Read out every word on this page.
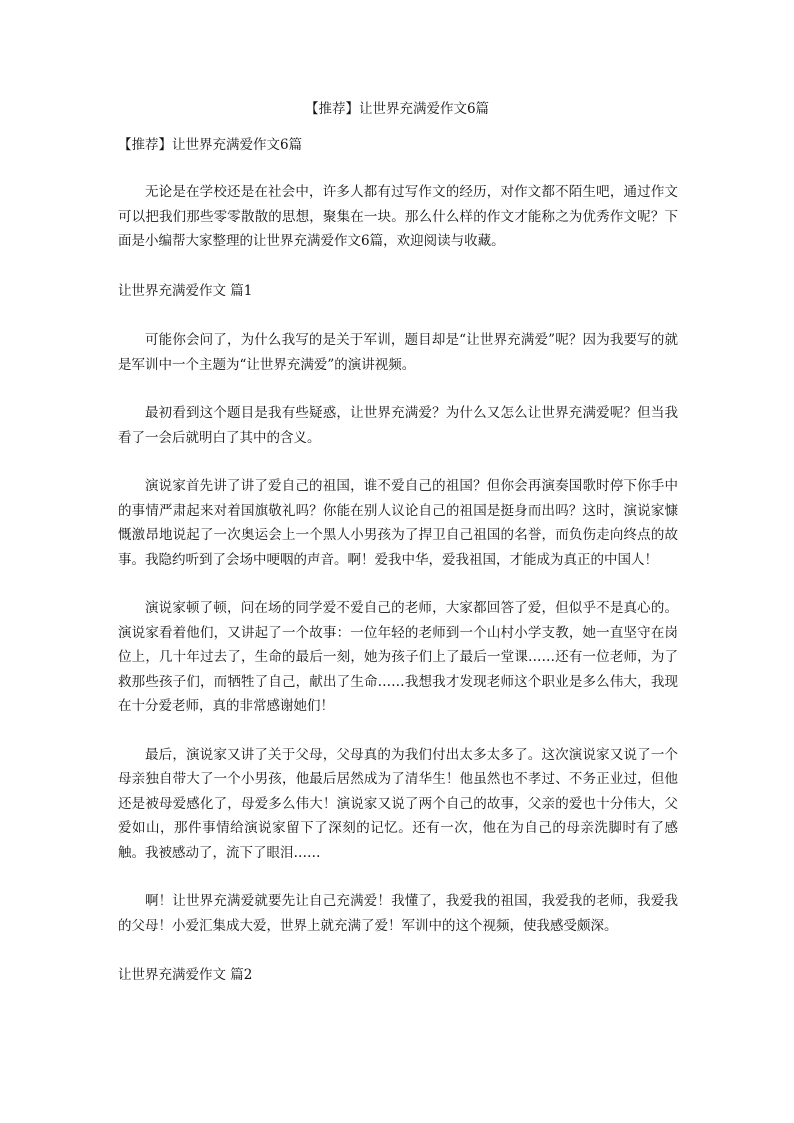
【推荐】让世界充满爱作文6篇
【推荐】让世界充满爱作文6篇

无论是在学校还是在社会中，许多人都有过写作文的经历，对作文都不陌生吧，通过作文可以把我们那些零零散散的思想，聚集在一块。那么什么样的作文才能称之为优秀作文呢？下面是小编帮大家整理的让世界充满爱作文6篇，欢迎阅读与收藏。

让世界充满爱作文 篇1

可能你会问了，为什么我写的是关于军训，题目却是“让世界充满爱”呢？因为我要写的就是军训中一个主题为“让世界充满爱”的演讲视频。

最初看到这个题目是我有些疑惑，让世界充满爱？为什么又怎么让世界充满爱呢？但当我看了一会后就明白了其中的含义。

演说家首先讲了讲了爱自己的祖国，谁不爱自己的祖国？但你会再演奏国歌时停下你手中的事情严肃起来对着国旗敬礼吗？你能在别人议论自己的祖国是挺身而出吗？这时，演说家慷慨激昂地说起了一次奥运会上一个黑人小男孩为了捍卫自己祖国的名誉，而负伤走向终点的故事。我隐约听到了会场中哽咽的声音。啊！爱我中华，爱我祖国，才能成为真正的中国人！

演说家顿了顿，问在场的同学爱不爱自己的老师，大家都回答了爱，但似乎不是真心的。演说家看着他们，又讲起了一个故事：一位年轻的老师到一个山村小学支教，她一直坚守在岗位上，几十年过去了，生命的最后一刻，她为孩子们上了最后一堂课……还有一位老师，为了救那些孩子们，而牺牲了自己，献出了生命……我想我才发现老师这个职业是多么伟大，我现在十分爱老师，真的非常感谢她们！

最后，演说家又讲了关于父母，父母真的为我们付出太多太多了。这次演说家又说了一个母亲独自带大了一个小男孩，他最后居然成为了清华生！他虽然也不孝过、不务正业过，但他还是被母爱感化了，母爱多么伟大！演说家又说了两个自己的故事，父亲的爱也十分伟大，父爱如山，那件事情给演说家留下了深刻的记忆。还有一次，他在为自己的母亲洗脚时有了感触。我被感动了，流下了眼泪……

啊！让世界充满爱就要先让自己充满爱！我懂了，我爱我的祖国，我爱我的老师，我爱我的父母！小爱汇集成大爱，世界上就充满了爱！军训中的这个视频，使我感受颇深。

让世界充满爱作文 篇2
